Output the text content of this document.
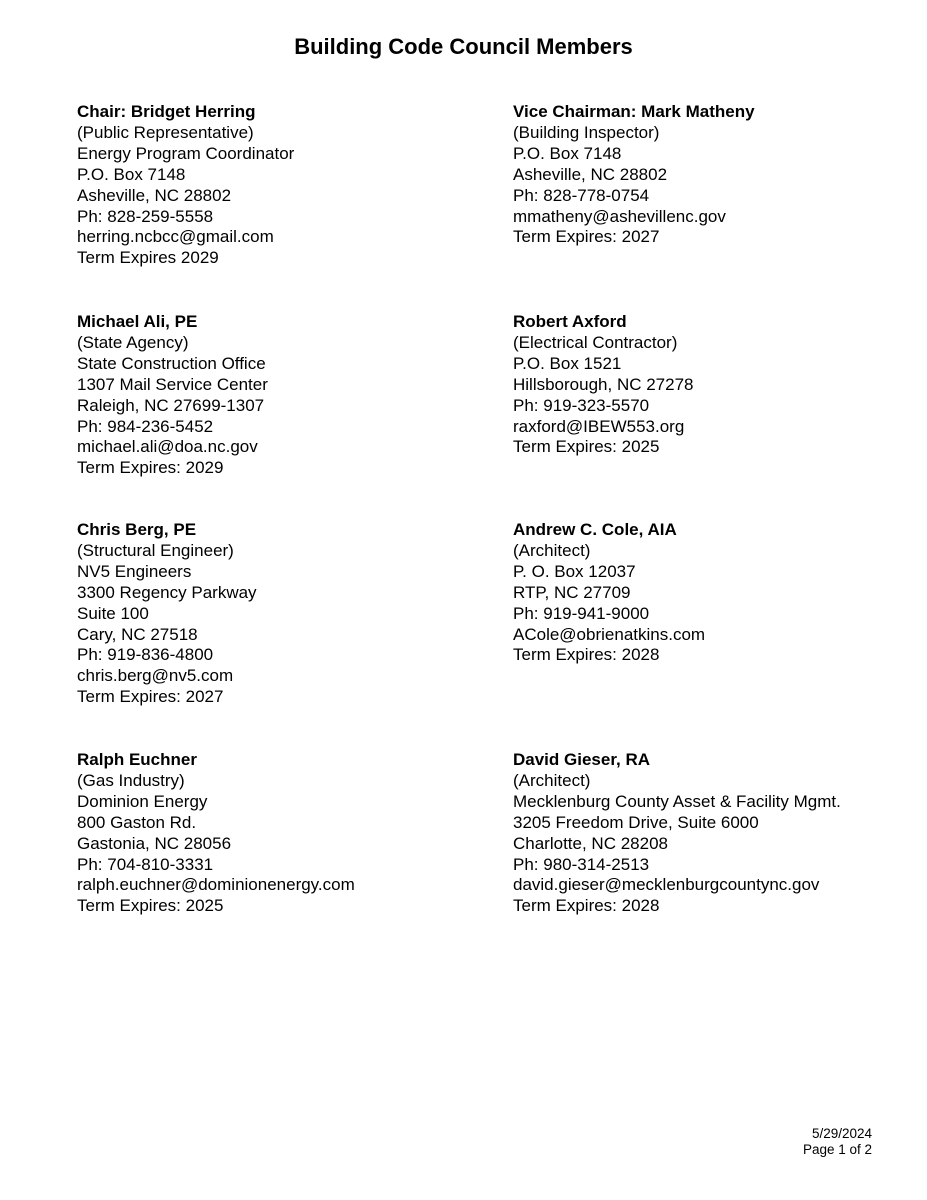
Building Code Council Members
Chair: Bridget Herring
(Public Representative)
Energy Program Coordinator
P.O. Box 7148
Asheville, NC 28802
Ph: 828-259-5558
herring.ncbcc@gmail.com
Term Expires 2029
Vice Chairman: Mark Matheny
(Building Inspector)
P.O. Box 7148
Asheville, NC 28802
Ph: 828-778-0754
mmatheny@ashevillenc.gov
Term Expires: 2027
Michael Ali, PE
(State Agency)
State Construction Office
1307 Mail Service Center
Raleigh, NC 27699-1307
Ph: 984-236-5452
michael.ali@doa.nc.gov
Term Expires: 2029
Robert Axford
(Electrical Contractor)
P.O. Box 1521
Hillsborough, NC 27278
Ph: 919-323-5570
raxford@IBEW553.org
Term Expires: 2025
Chris Berg, PE
(Structural Engineer)
NV5 Engineers
3300 Regency Parkway
Suite 100
Cary, NC 27518
Ph: 919-836-4800
chris.berg@nv5.com
Term Expires: 2027
Andrew C. Cole, AIA
(Architect)
P. O. Box 12037
RTP, NC 27709
Ph: 919-941-9000
ACole@obrienatkins.com
Term Expires: 2028
Ralph Euchner
(Gas Industry)
Dominion Energy
800 Gaston Rd.
Gastonia, NC 28056
Ph: 704-810-3331
ralph.euchner@dominionenergy.com
Term Expires: 2025
David Gieser, RA
(Architect)
Mecklenburg County Asset & Facility Mgmt.
3205 Freedom Drive, Suite 6000
Charlotte, NC 28208
Ph: 980-314-2513
david.gieser@mecklenburgcountync.gov
Term Expires: 2028
5/29/2024
Page 1 of 2
